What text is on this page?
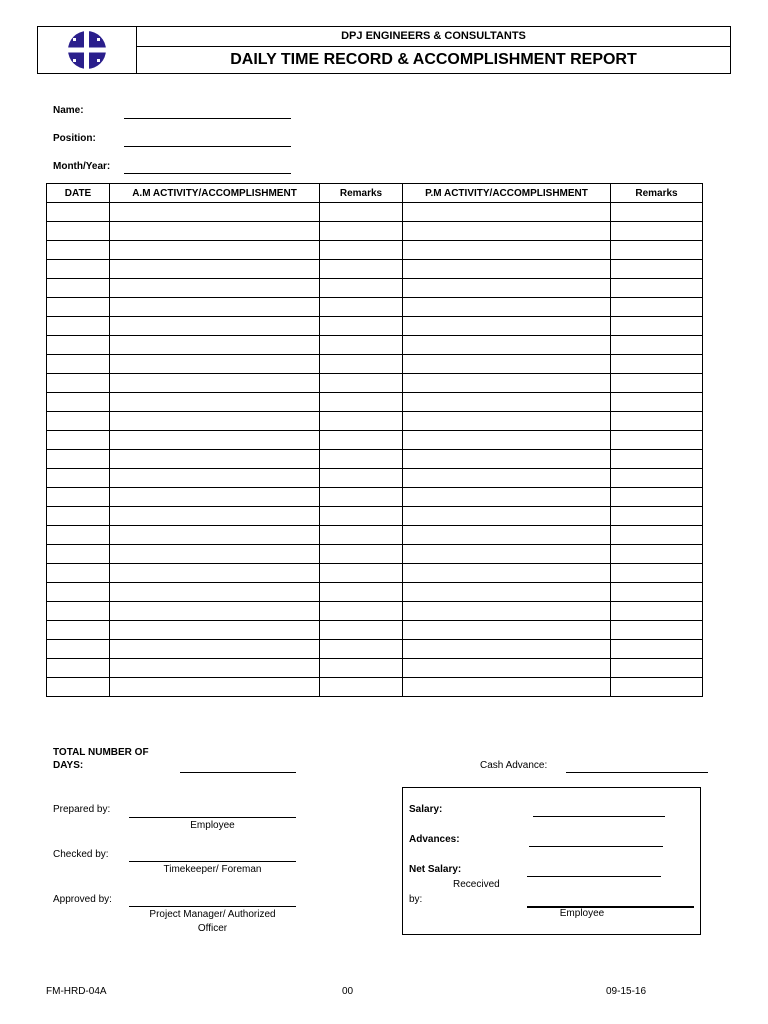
DPJ ENGINEERS & CONSULTANTS
DAILY TIME RECORD & ACCOMPLISHMENT REPORT
Name:
Position:
Month/Year:
DATE	A.M ACTIVITY/ACCOMPLISHMENT	Remarks	P.M ACTIVITY/ACCOMPLISHMENT	Remarks

TOTAL NUMBER OF
DAYS:	Cash Advance:
Prepared by:
Employee
Checked by:
Timekeeper/ Foreman
Approved by:
Project Manager/ Authorized
Officer
Salary:
Advances:
Net Salary:
Rececived
by:
Employee
FM-HRD-04A	00	09-15-16
